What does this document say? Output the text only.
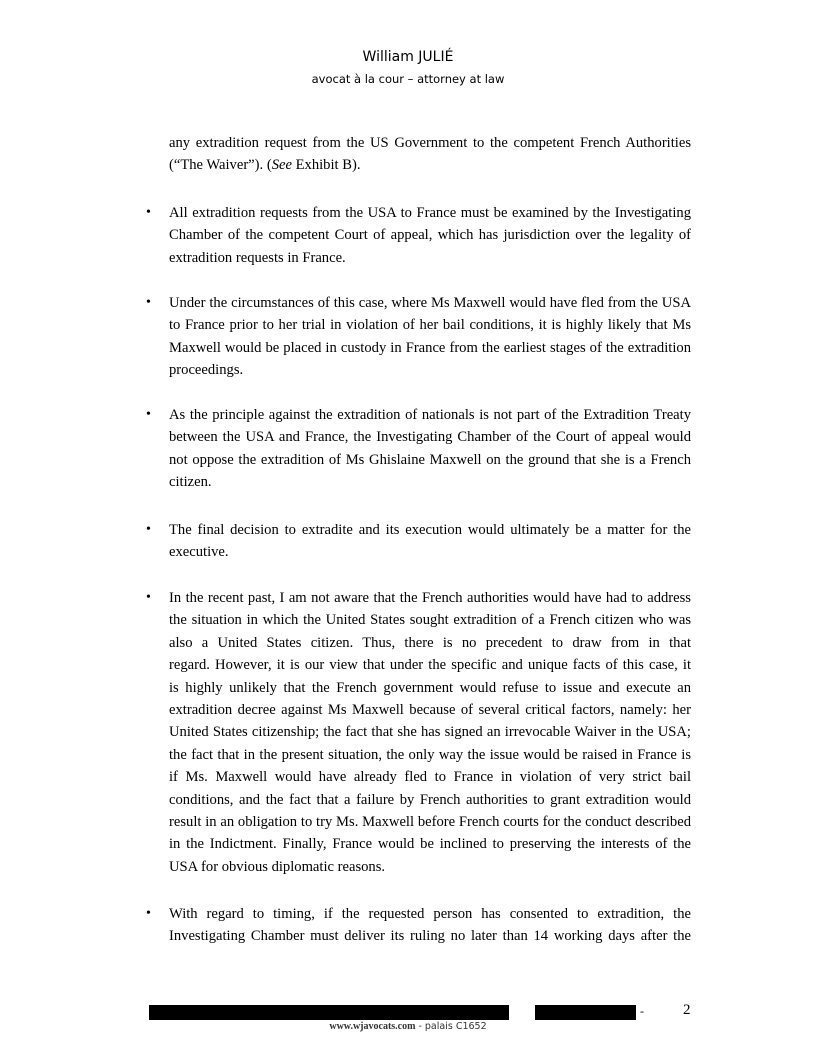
William JULIÉ
avocat à la cour – attorney at law
any extradition request from the US Government to the competent French Authorities
(“The Waiver”). (See Exhibit B).
• All extradition requests from the USA to France must be examined by the Investigating
Chamber of the competent Court of appeal, which has jurisdiction over the legality of
extradition requests in France.
• Under the circumstances of this case, where Ms Maxwell would have fled from the USA
to France prior to her trial in violation of her bail conditions, it is highly likely that Ms
Maxwell would be placed in custody in France from the earliest stages of the extradition
proceedings.
• As the principle against the extradition of nationals is not part of the Extradition Treaty
between the USA and France, the Investigating Chamber of the Court of appeal would
not oppose the extradition of Ms Ghislaine Maxwell on the ground that she is a French
citizen.
• The final decision to extradite and its execution would ultimately be a matter for the
executive.
• In the recent past, I am not aware that the French authorities would have had to address
the situation in which the United States sought extradition of a French citizen who was
also a United States citizen. Thus, there is no precedent to draw from in that
regard. However, it is our view that under the specific and unique facts of this case, it
is highly unlikely that the French government would refuse to issue and execute an
extradition decree against Ms Maxwell because of several critical factors, namely: her
United States citizenship; the fact that she has signed an irrevocable Waiver in the USA;
the fact that in the present situation, the only way the issue would be raised in France is
if Ms. Maxwell would have already fled to France in violation of very strict bail
conditions, and the fact that a failure by French authorities to grant extradition would
result in an obligation to try Ms. Maxwell before French courts for the conduct described
in the Indictment. Finally, France would be inclined to preserving the interests of the
USA for obvious diplomatic reasons.
• With regard to timing, if the requested person has consented to extradition, the
Investigating Chamber must deliver its ruling no later than 14 working days after the
-	2
www.wjavocats.com - palais C1652
